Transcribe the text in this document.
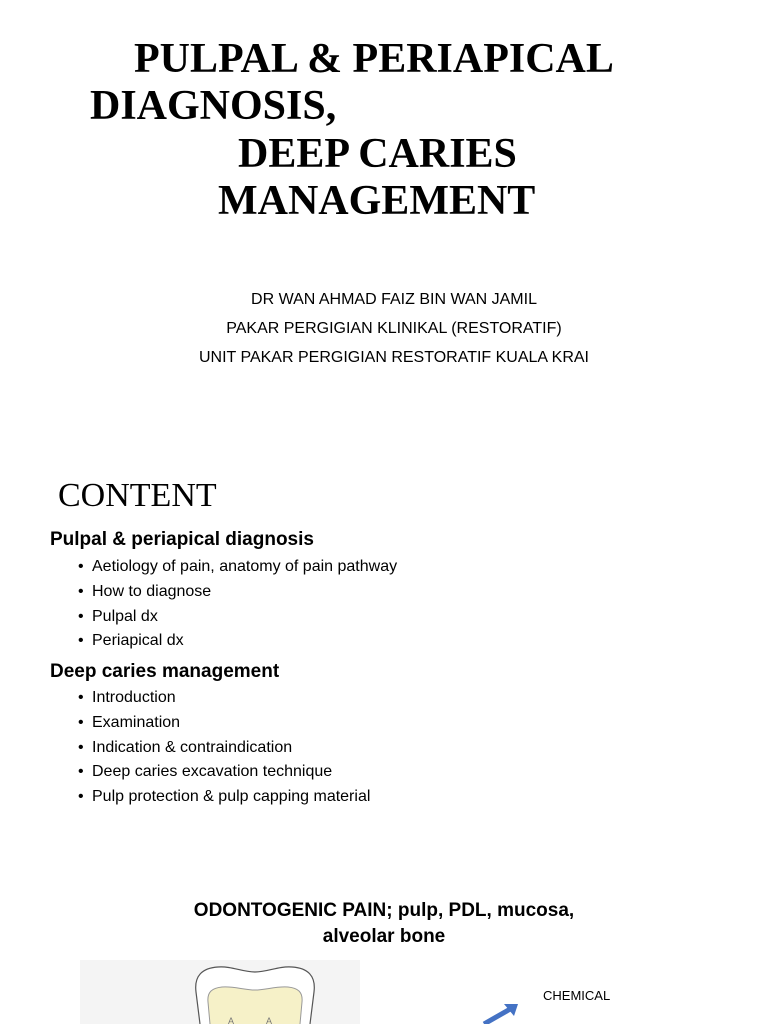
PULPAL & PERIAPICAL
DIAGNOSIS,
DEEP CARIES
MANAGEMENT
DR WAN AHMAD FAIZ BIN WAN JAMIL
PAKAR PERGIGIAN KLINIKAL (RESTORATIF)
UNIT PAKAR PERGIGIAN RESTORATIF KUALA KRAI
CONTENT
Pulpal & periapical diagnosis
• Aetiology of pain, anatomy of pain pathway
• How to diagnose
• Pulpal dx
• Periapical dx
Deep caries management
• Introduction
• Examination
• Indication & contraindication
• Deep caries excavation technique
• Pulp protection & pulp capping material
ODONTOGENIC PAIN; pulp, PDL, mucosa,
alveolar bone
A	A
CHEMICAL
